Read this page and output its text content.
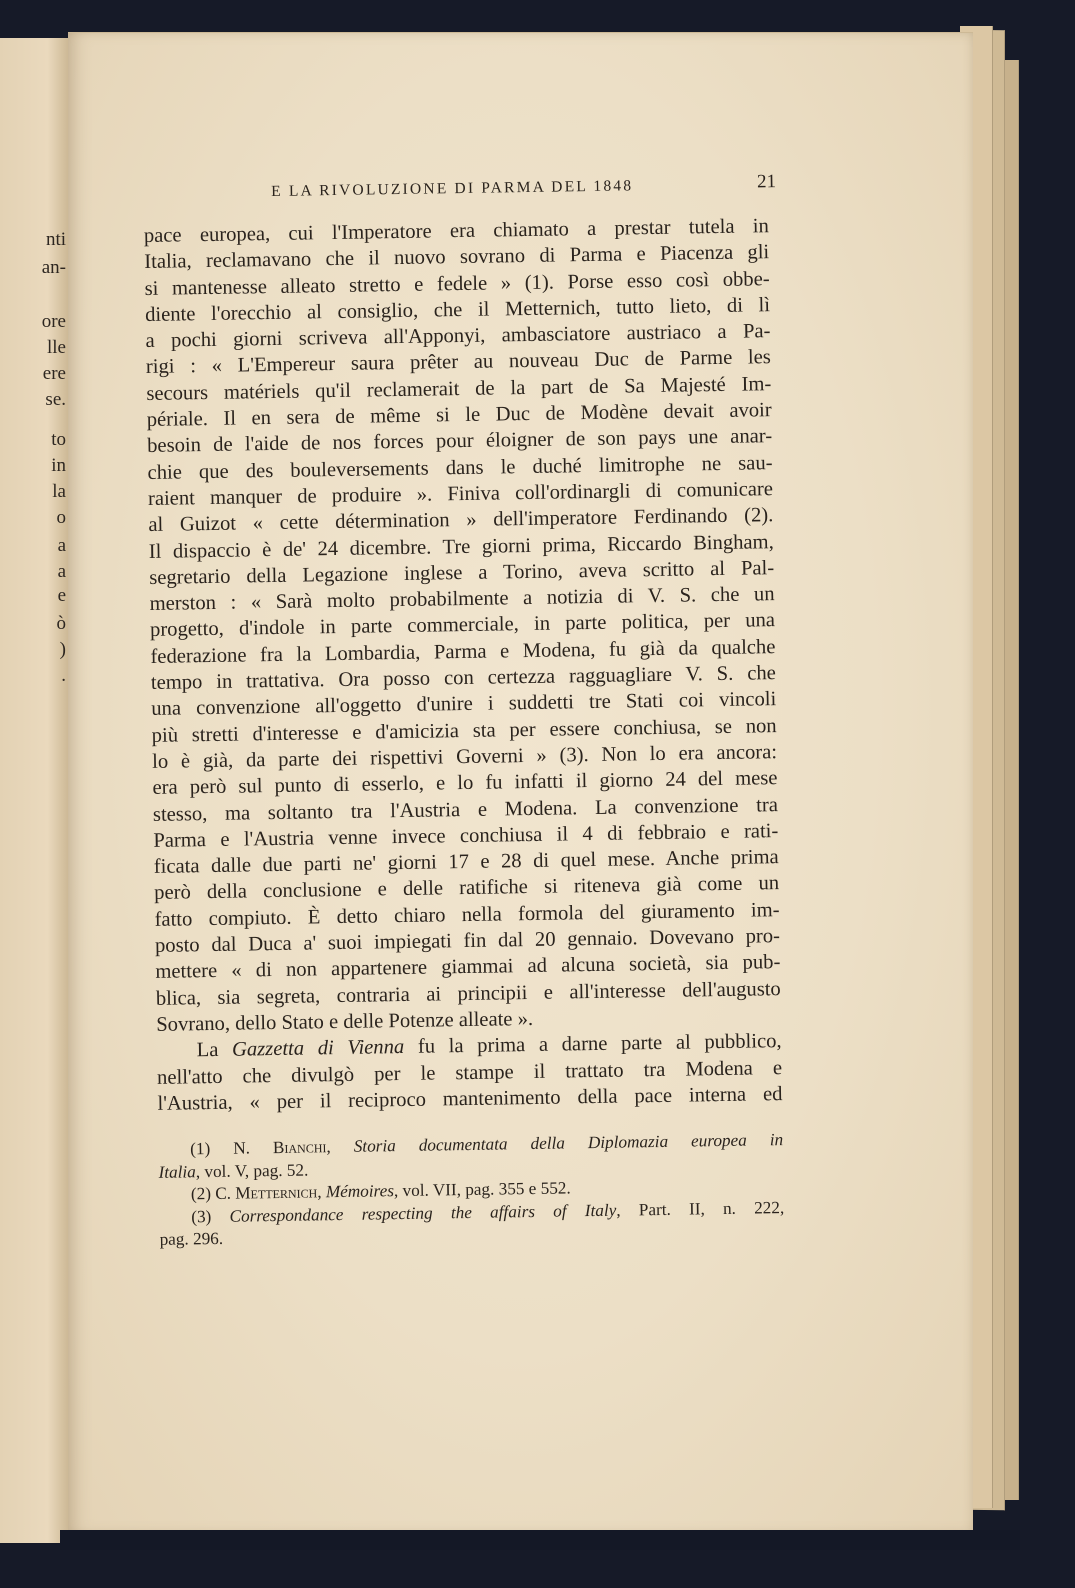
nti
an-
ore
lle
ere
se.
to
in
la
o
a
a
e
ò
)
.
E LA RIVOLUZIONE DI PARMA DEL 1848	21
pace europea, cui l'Imperatore era chiamato a prestar tutela in
Italia, reclamavano che il nuovo sovrano di Parma e Piacenza gli
si mantenesse alleato stretto e fedele » (1). Porse esso così obbe-
diente l'orecchio al consiglio, che il Metternich, tutto lieto, di lì
a pochi giorni scriveva all'Apponyi, ambasciatore austriaco a Pa-
rigi : « L'Empereur saura prêter au nouveau Duc de Parme les
secours matériels qu'il reclamerait de la part de Sa Majesté Im-
périale. Il en sera de même si le Duc de Modène devait avoir
besoin de l'aide de nos forces pour éloigner de son pays une anar-
chie que des bouleversements dans le duché limitrophe ne sau-
raient manquer de produire ». Finiva coll'ordinargli di comunicare
al Guizot « cette détermination » dell'imperatore Ferdinando (2).
Il dispaccio è de' 24 dicembre. Tre giorni prima, Riccardo Bingham,
segretario della Legazione inglese a Torino, aveva scritto al Pal-
merston : « Sarà molto probabilmente a notizia di V. S. che un
progetto, d'indole in parte commerciale, in parte politica, per una
federazione fra la Lombardia, Parma e Modena, fu già da qualche
tempo in trattativa. Ora posso con certezza ragguagliare V. S. che
una convenzione all'oggetto d'unire i suddetti tre Stati coi vincoli
più stretti d'interesse e d'amicizia sta per essere conchiusa, se non
lo è già, da parte dei rispettivi Governi » (3). Non lo era ancora:
era però sul punto di esserlo, e lo fu infatti il giorno 24 del mese
stesso, ma soltanto tra l'Austria e Modena. La convenzione tra
Parma e l'Austria venne invece conchiusa il 4 di febbraio e rati-
ficata dalle due parti ne' giorni 17 e 28 di quel mese. Anche prima
però della conclusione e delle ratifiche si riteneva già come un
fatto compiuto. È detto chiaro nella formola del giuramento im-
posto dal Duca a' suoi impiegati fin dal 20 gennaio. Dovevano pro-
mettere « di non appartenere giammai ad alcuna società, sia pub-
blica, sia segreta, contraria ai principii e all'interesse dell'augusto
Sovrano, dello Stato e delle Potenze alleate ».
La Gazzetta di Vienna fu la prima a darne parte al pubblico,
nell'atto che divulgò per le stampe il trattato tra Modena e
l'Austria, « per il reciproco mantenimento della pace interna ed
(1) N. Bianchi, Storia documentata della Diplomazia europea in
Italia, vol. V, pag. 52.
(2) C. Metternich, Mémoires, vol. VII, pag. 355 e 552.
(3) Correspondance respecting the affairs of Italy, Part. II, n. 222,
pag. 296.
